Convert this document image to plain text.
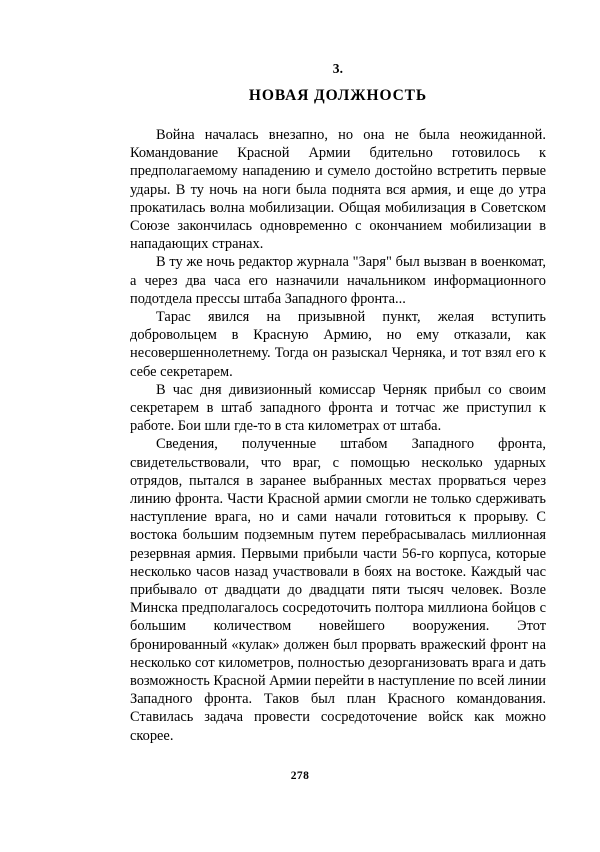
3.
НОВАЯ ДОЛЖНОСТЬ

Война началась внезапно, но она не была неожиданной. Командование Красной Армии бдительно готовилось к предполагаемому нападению и сумело достойно встретить первые удары. В ту ночь на ноги была поднята вся армия, и еще до утра прокатилась волна мобилизации. Общая мобилизация в Советском Союзе закончилась одновременно с окончанием мобилизации в нападающих странах.

В ту же ночь редактор журнала "Заря" был вызван в военкомат, а через два часа его назначили начальником информационного подотдела прессы штаба Западного фронта...

Тарас явился на призывной пункт, желая вступить добровольцем в Красную Армию, но ему отказали, как несовершеннолетнему. Тогда он разыскал Черняка, и тот взял его к себе секретарем.

В час дня дивизионный комиссар Черняк прибыл со своим секретарем в штаб западного фронта и тотчас же приступил к работе. Бои шли где-то в ста километрах от штаба.

Сведения, полученные штабом Западного фронта, свидетельствовали, что враг, с помощью несколько ударных отрядов, пытался в заранее выбранных местах прорваться через линию фронта. Части Красной армии смогли не только сдерживать наступление врага, но и сами начали готовиться к прорыву. С востока большим подземным путем перебрасывалась миллионная резервная армия. Первыми прибыли части 56-го корпуса, которые несколько часов назад участвовали в боях на востоке. Каждый час прибывало от двадцати до двадцати пяти тысяч человек. Возле Минска предполагалось сосредоточить полтора миллиона бойцов с большим количеством новейшего вооружения. Этот бронированный «кулак» должен был прорвать вражеский фронт на несколько сот километров, полностью дезорганизовать врага и дать возможность Красной Армии перейти в наступление по всей линии Западного фронта. Таков был план Красного командования. Ставилась задача провести сосредоточение войск как можно скорее.

278
